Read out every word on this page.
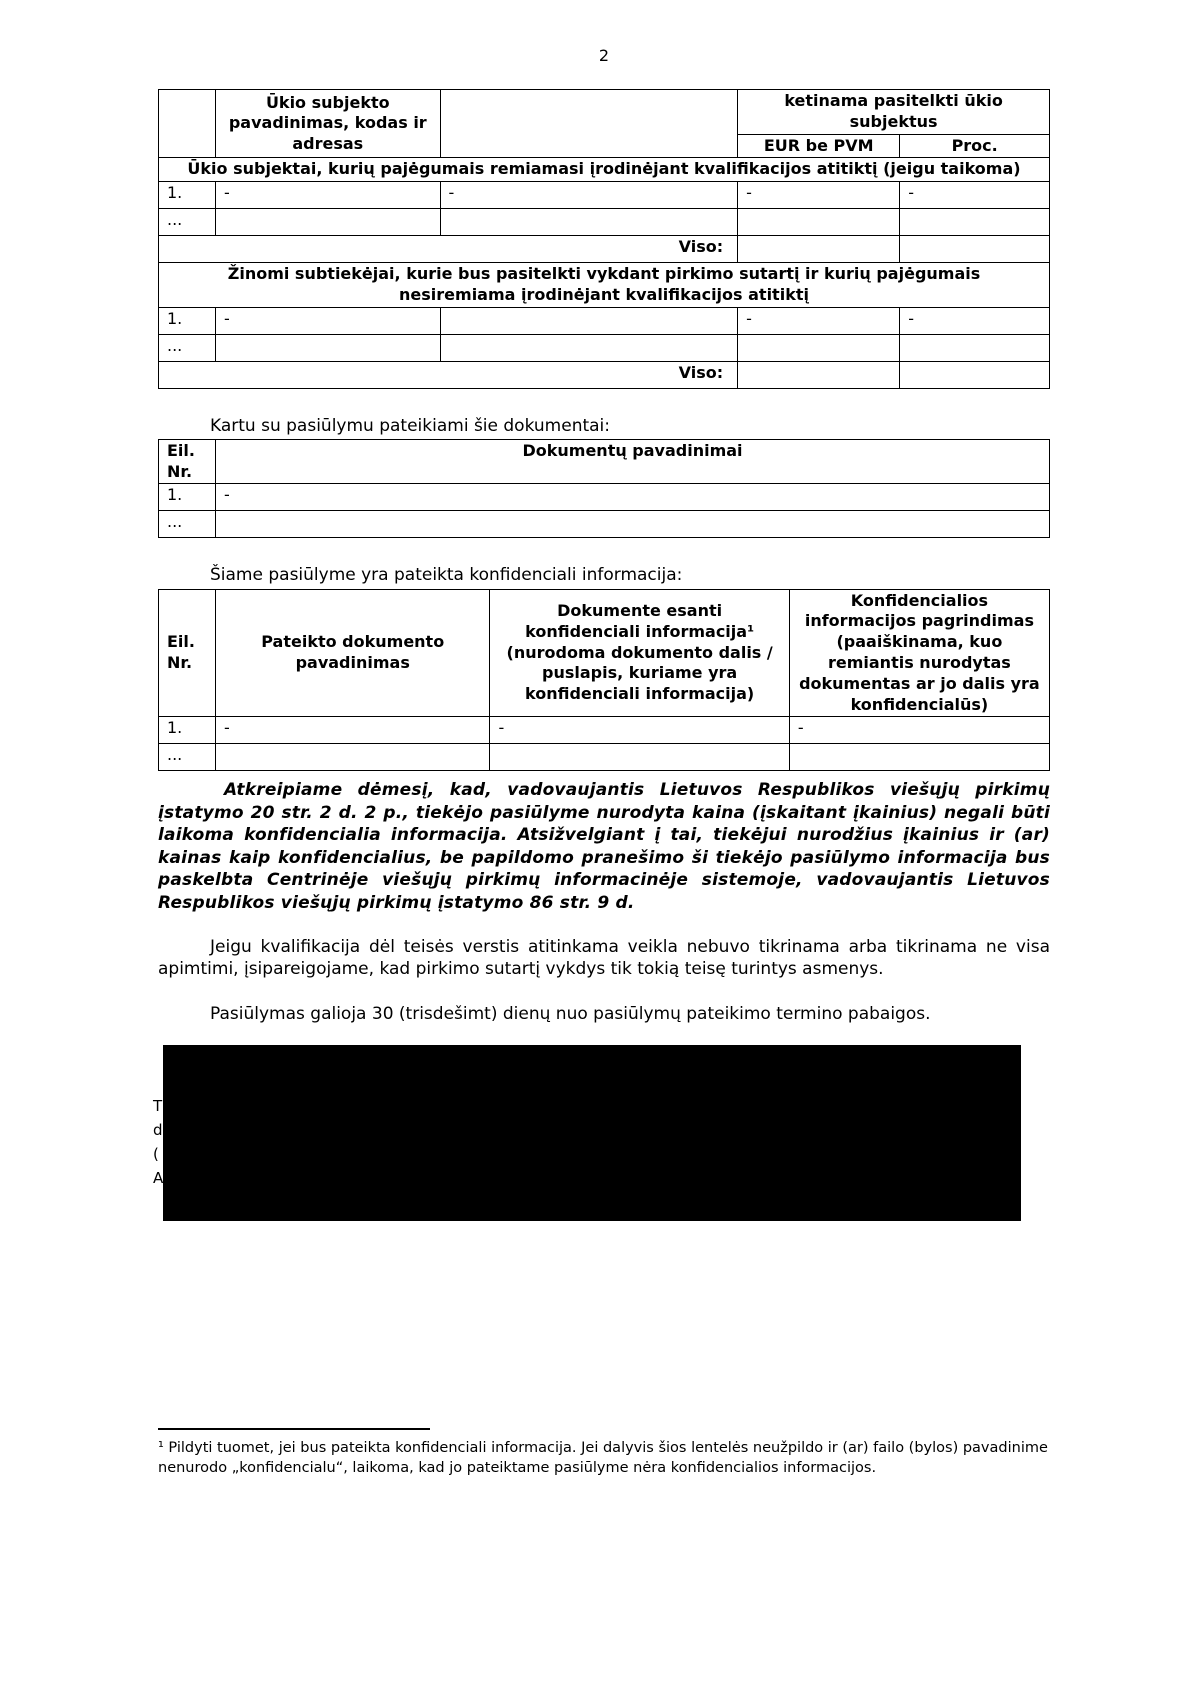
2
	Ūkio subjekto pavadinimas, kodas ir adresas		ketinama pasitelkti ūkio subjektus	
			EUR be PVM	Proc.
Ūkio subjektai, kurių pajėgumais remiamasi įrodinėjant kvalifikacijos atitiktį (jeigu taikoma)				
1.	-	-	-	-
...				
Viso:				
Žinomi subtiekėjai, kurie bus pasitelkti vykdant pirkimo sutartį ir kurių pajėgumais nesiremiama įrodinėjant kvalifikacijos atitiktį				
1.	-		-	-
...				
Viso:				

Kartu su pasiūlymu pateikiami šie dokumentai:

Eil. Nr.	Dokumentų pavadinimai
1.	-
...	

Šiame pasiūlyme yra pateikta konfidenciali informacija:

Eil. Nr.	Pateikto dokumento pavadinimas	Dokumente esanti konfidenciali informacija¹ (nurodoma dokumento dalis / puslapis, kuriame yra konfidenciali informacija)	Konfidencialios informacijos pagrindimas (paaiškinama, kuo remiantis nurodytas dokumentas ar jo dalis yra konfidencialūs)
1.	-	-	-
...			

Atkreipiame dėmesį, kad, vadovaujantis Lietuvos Respublikos viešųjų pirkimų įstatymo 20 str. 2 d. 2 p., tiekėjo pasiūlyme nurodyta kaina (įskaitant įkainius) negali būti laikoma konfidencialia informacija. Atsižvelgiant į tai, tiekėjui nurodžius įkainius ir (ar) kainas kaip konfidencialius, be papildomo pranešimo ši tiekėjo pasiūlymo informacija bus paskelbta Centrinėje viešųjų pirkimų informacinėje sistemoje, vadovaujantis Lietuvos Respublikos viešųjų pirkimų įstatymo 86 str. 9 d.

Jeigu kvalifikacija dėl teisės verstis atitinkama veikla nebuvo tikrinama arba tikrinama ne visa apimtimi, įsipareigojame, kad pirkimo sutartį vykdys tik tokią teisę turintys asmenys.

Pasiūlymas galioja 30 (trisdešimt) dienų nuo pasiūlymų pateikimo termino pabaigos.

T
d
(
A
¹ Pildyti tuomet, jei bus pateikta konfidenciali informacija. Jei dalyvis šios lentelės neužpildo ir (ar) failo (bylos) pavadinime nenurodo „konfidencialu“, laikoma, kad jo pateiktame pasiūlyme nėra konfidencialios informacijos.
